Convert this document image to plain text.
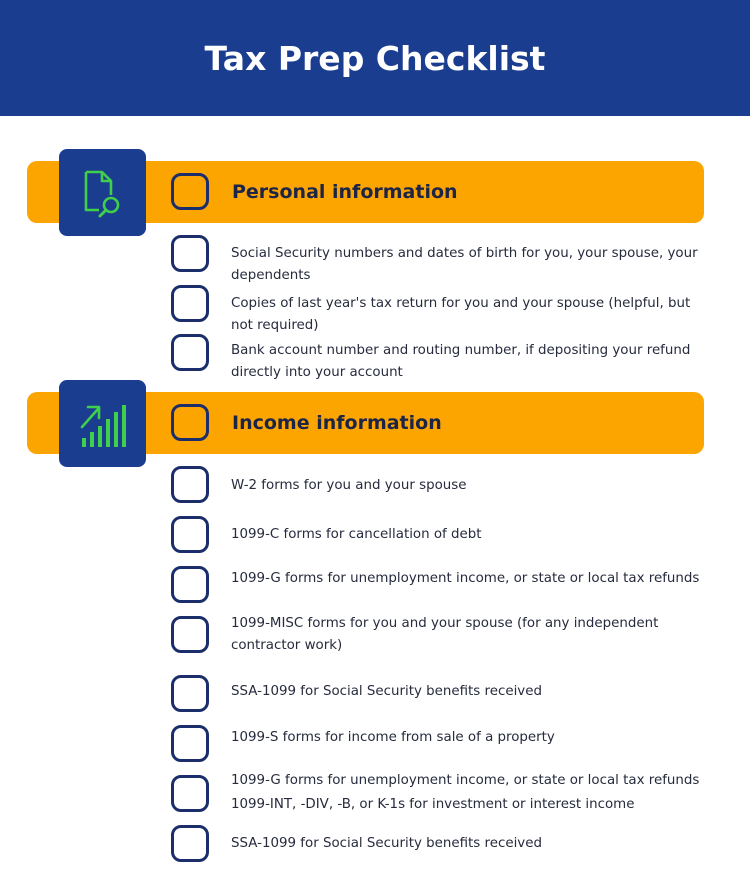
Tax Prep Checklist
Personal information
Social Security numbers and dates of birth for you, your spouse, your dependents
Copies of last year's tax return for you and your spouse (helpful, but not required)
Bank account number and routing number, if depositing your refund directly into your account
Income information
W-2 forms for you and your spouse
1099-C forms for cancellation of debt
1099-G forms for unemployment income, or state or local tax refunds
1099-MISC forms for you and your spouse (for any independent contractor work)
SSA-1099 for Social Security benefits received
1099-S forms for income from sale of a property
1099-G forms for unemployment income, or state or local tax refunds
1099-INT, -DIV, -B, or K-1s for investment or interest income
SSA-1099 for Social Security benefits received
